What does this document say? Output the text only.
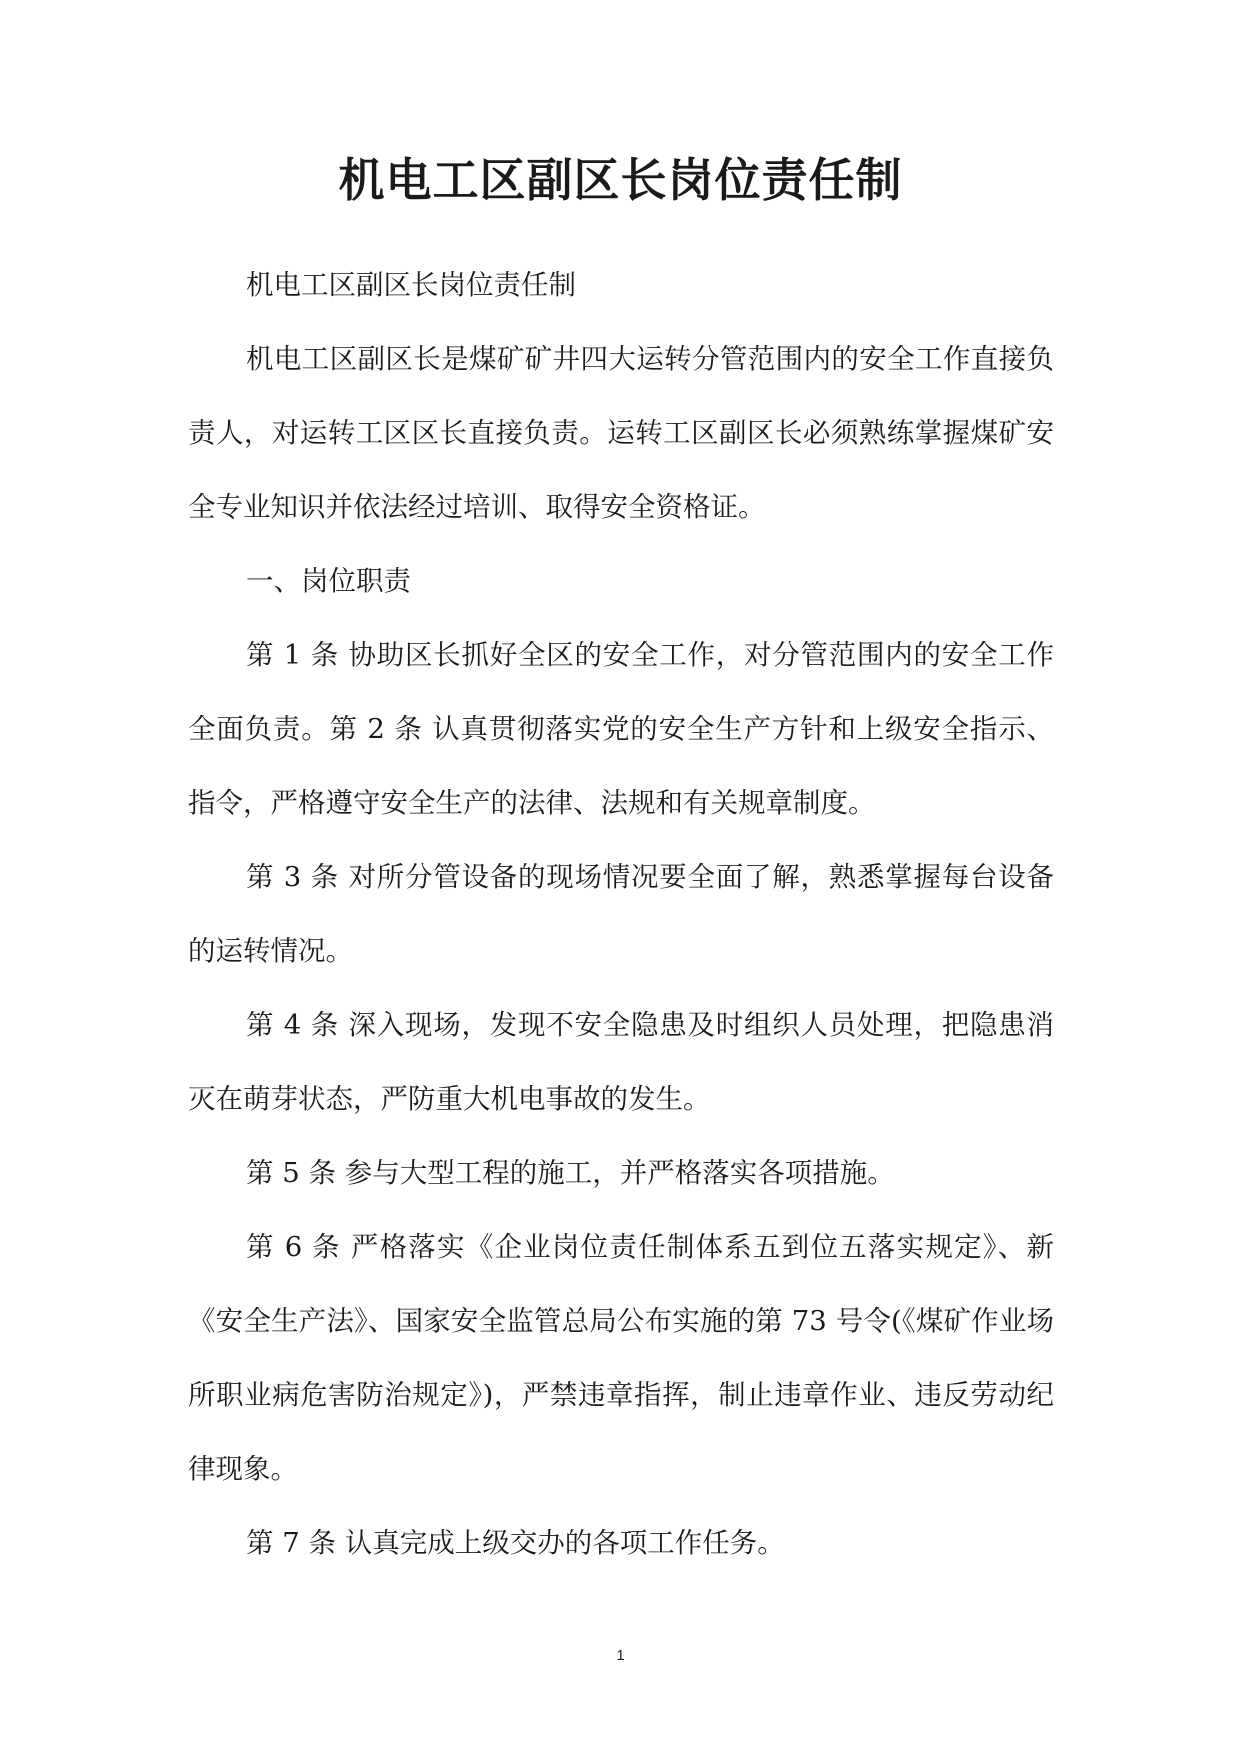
机电工区副区长岗位责任制

机电工区副区长岗位责任制

机电工区副区长是煤矿矿井四大运转分管范围内的安全工作直接负责人，对运转工区区长直接负责。运转工区副区长必须熟练掌握煤矿安全专业知识并依法经过培训、取得安全资格证。

一、岗位职责

第 1 条 协助区长抓好全区的安全工作，对分管范围内的安全工作全面负责。第 2 条 认真贯彻落实党的安全生产方针和上级安全指示、指令，严格遵守安全生产的法律、法规和有关规章制度。

第 3 条 对所分管设备的现场情况要全面了解，熟悉掌握每台设备的运转情况。

第 4 条 深入现场，发现不安全隐患及时组织人员处理，把隐患消灭在萌芽状态，严防重大机电事故的发生。

第 5 条 参与大型工程的施工，并严格落实各项措施。

第 6 条 严格落实《企业岗位责任制体系五到位五落实规定》、新《安全生产法》、国家安全监管总局公布实施的第 73 号令(《煤矿作业场所职业病危害防治规定》)，严禁违章指挥，制止违章作业、违反劳动纪律现象。

第 7 条 认真完成上级交办的各项工作任务。

1
